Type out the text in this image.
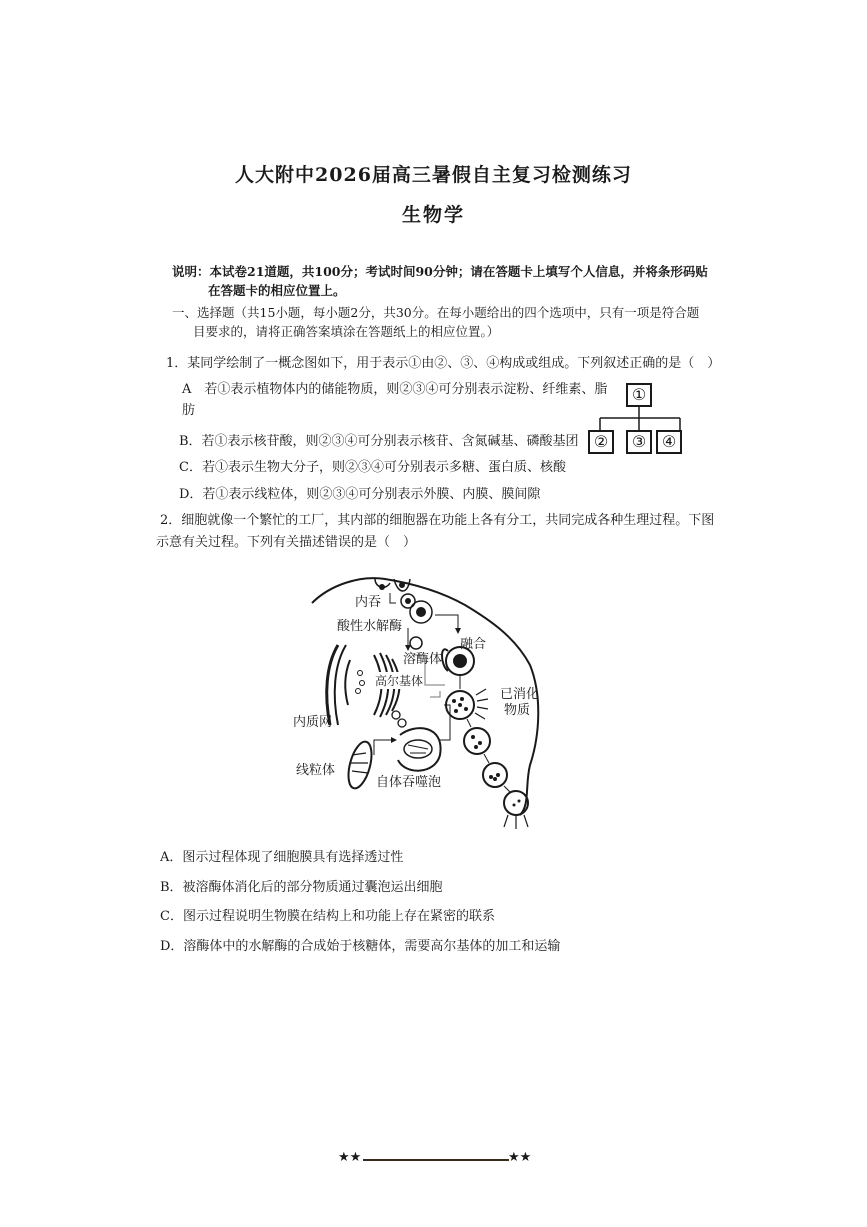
人大附中2026届高三暑假自主复习检测练习
生物学
说明：本试卷21道题，共100分；考试时间90分钟；请在答题卡上填写个人信息，并将条形码贴
在答题卡的相应位置上。
一、选择题（共15小题，每小题2分，共30分。在每小题给出的四个选项中，只有一项是符合题
目要求的，请将正确答案填涂在答题纸上的相应位置。）
1．某同学绘制了一概念图如下，用于表示①由②、③、④构成或组成。下列叙述正确的是（　）
A　若①表示植物体内的储能物质，则②③④可分别表示淀粉、纤维素、脂
肪
B．若①表示核苷酸，则②③④可分别表示核苷、含氮碱基、磷酸基团
C．若①表示生物大分子，则②③④可分别表示多糖、蛋白质、核酸
D．若①表示线粒体，则②③④可分别表示外膜、内膜、膜间隙
①
②	③ ④
2．细胞就像一个繁忙的工厂，其内部的细胞器在功能上各有分工，共同完成各种生理过程。下图
示意有关过程。下列有关描述错误的是（　）
内吞
酸性水解酶
融合
溶酶体
高尔基体
已消化
物质
内质网
线粒体
自体吞噬泡
A．图示过程体现了细胞膜具有选择透过性
B．被溶酶体消化后的部分物质通过囊泡运出细胞
C．图示过程说明生物膜在结构上和功能上存在紧密的联系
D．溶酶体中的水解酶的合成始于核糖体，需要高尔基体的加工和运输
★★	★★
